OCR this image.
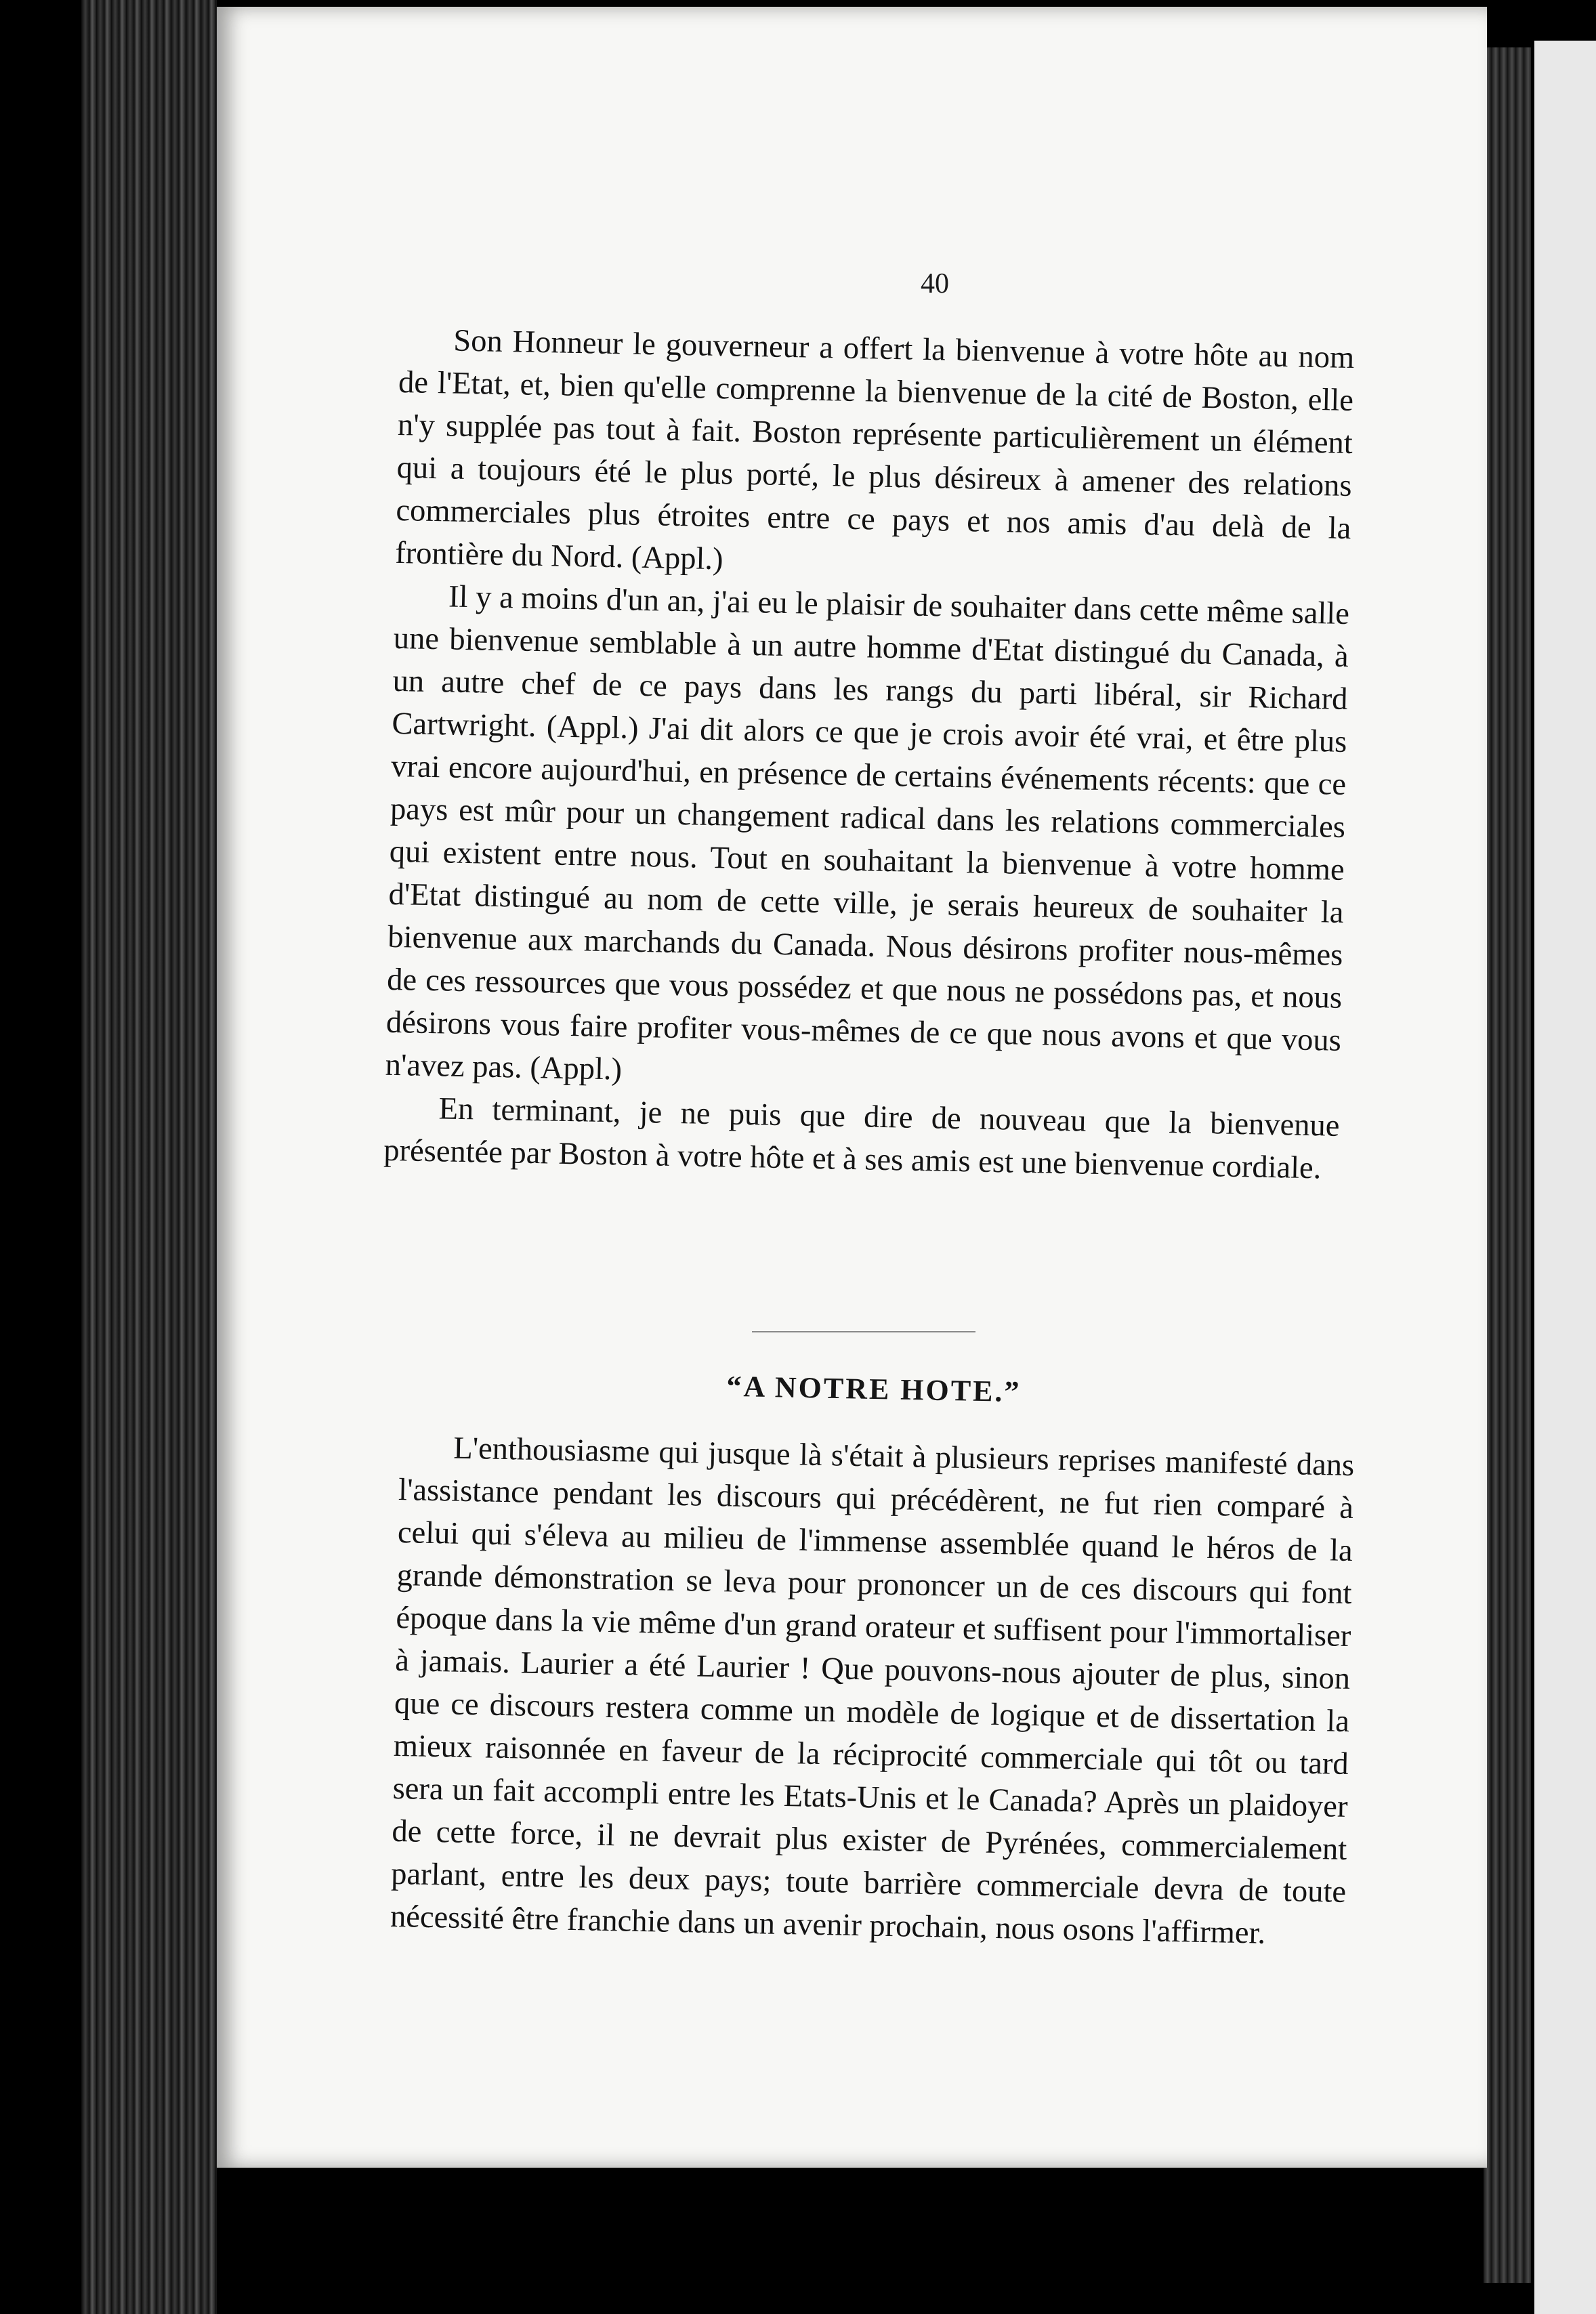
40

Son Honneur le gouverneur a offert la bienvenue à votre hôte au nom de l'Etat, et, bien qu'elle comprenne la bienvenue de la cité de Boston, elle n'y supplée pas tout à fait. Boston représente particulièrement un élément qui a toujours été le plus porté, le plus désireux à amener des relations commerciales plus étroites entre ce pays et nos amis d'au delà de la frontière du Nord. (Appl.)

Il y a moins d'un an, j'ai eu le plaisir de souhaiter dans cette même salle une bienvenue semblable à un autre homme d'Etat distingué du Canada, à un autre chef de ce pays dans les rangs du parti libéral, sir Richard Cartwright. (Appl.) J'ai dit alors ce que je crois avoir été vrai, et être plus vrai encore aujourd'hui, en présence de certains événements récents: que ce pays est mûr pour un changement radical dans les relations commerciales qui existent entre nous. Tout en souhaitant la bienvenue à votre homme d'Etat distingué au nom de cette ville, je serais heureux de souhaiter la bienvenue aux marchands du Canada. Nous désirons profiter nous-mêmes de ces ressources que vous possédez et que nous ne possédons pas, et nous désirons vous faire profiter vous-mêmes de ce que nous avons et que vous n'avez pas. (Appl.)

En terminant, je ne puis que dire de nouveau que la bienvenue présentée par Boston à votre hôte et à ses amis est une bienvenue cordiale.

“A NOTRE HOTE.”

L'enthousiasme qui jusque là s'était à plusieurs reprises manifesté dans l'assistance pendant les discours qui précédèrent, ne fut rien comparé à celui qui s'éleva au milieu de l'immense assemblée quand le héros de la grande démonstration se leva pour prononcer un de ces discours qui font époque dans la vie même d'un grand orateur et suffisent pour l'immortaliser à jamais. Laurier a été Laurier ! Que pouvons-nous ajouter de plus, sinon que ce discours restera comme un modèle de logique et de dissertation la mieux raisonnée en faveur de la réciprocité commerciale qui tôt ou tard sera un fait accompli entre les Etats-Unis et le Canada? Après un plaidoyer de cette force, il ne devrait plus exister de Pyrénées, commercialement parlant, entre les deux pays; toute barrière commerciale devra de toute nécessité être franchie dans un avenir prochain, nous osons l'affirmer.
